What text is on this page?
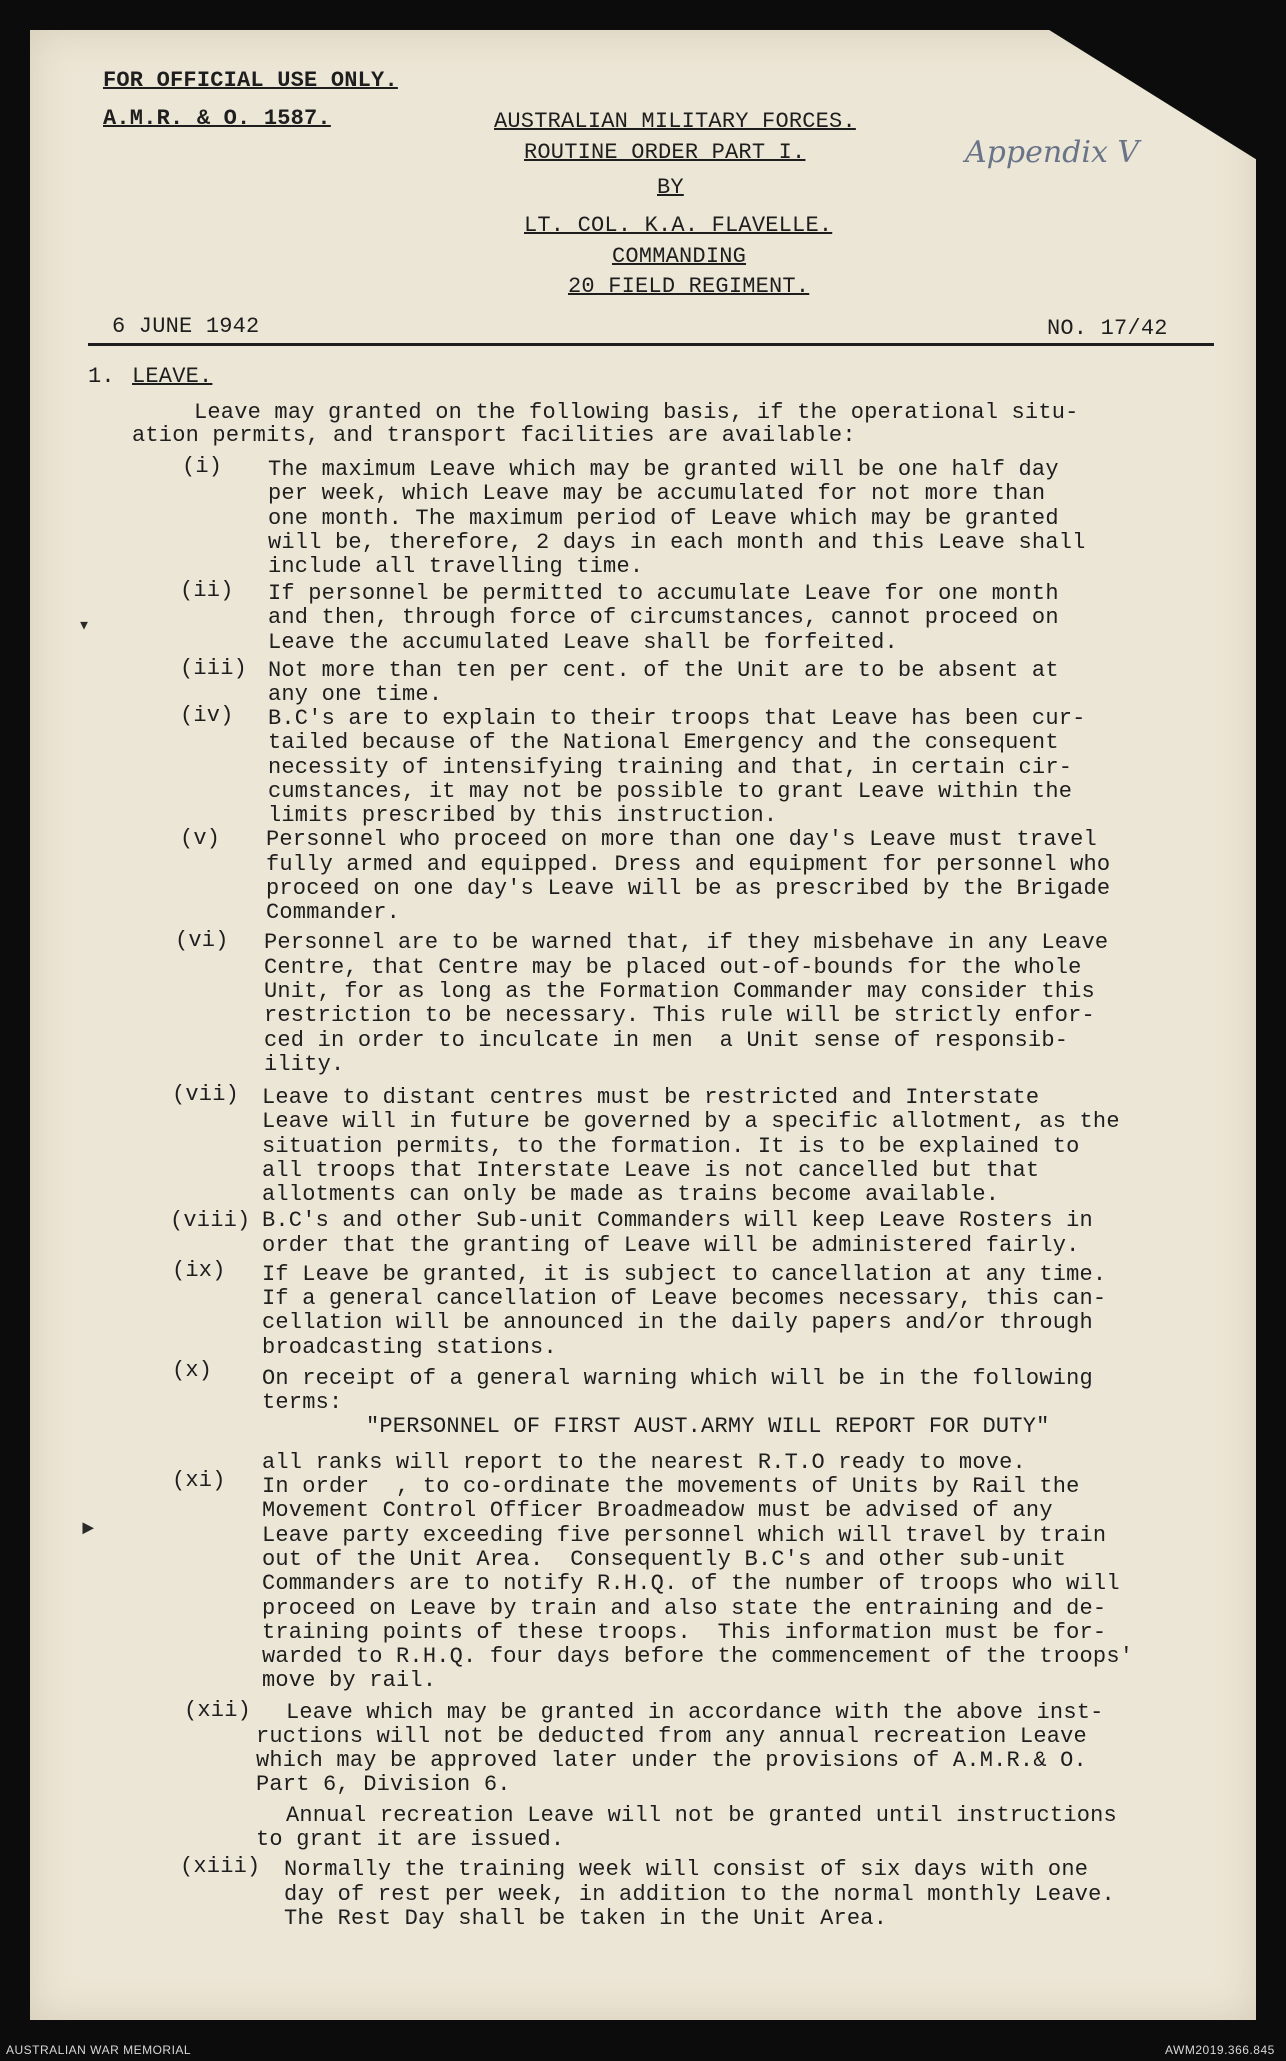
FOR OFFICIAL USE ONLY.
A.M.R. & O. 1587.	AUSTRALIAN MILITARY FORCES.
ROUTINE ORDER PART I.
BY
LT. COL. K.A. FLAVELLE.
COMMANDING
20 FIELD REGIMENT.
Appendix V
6 JUNE 1942	NO. 17/42
1. LEAVE.
Leave may granted on the following basis, if the operational situ-
ation permits, and transport facilities are available:
(i) The maximum Leave which may be granted will be one half day
per week, which Leave may be accumulated for not more than
one month. The maximum period of Leave which may be granted
will be, therefore, 2 days in each month and this Leave shall
include all travelling time.
(ii) If personnel be permitted to accumulate Leave for one month
and then, through force of circumstances, cannot proceed on
Leave the accumulated Leave shall be forfeited.
(iii) Not more than ten per cent. of the Unit are to be absent at
any one time.
(iv) B.C's are to explain to their troops that Leave has been cur-
tailed because of the National Emergency and the consequent
necessity of intensifying training and that, in certain cir-
cumstances, it may not be possible to grant Leave within the
limits prescribed by this instruction.
(v) Personnel who proceed on more than one day's Leave must travel
fully armed and equipped. Dress and equipment for personnel who
proceed on one day's Leave will be as prescribed by the Brigade
Commander.
(vi) Personnel are to be warned that, if they misbehave in any Leave
Centre, that Centre may be placed out-of-bounds for the whole
Unit, for as long as the Formation Commander may consider this
restriction to be necessary. This rule will be strictly enfor-
ced in order to inculcate in men  a Unit sense of responsib-
ility.
(vii) Leave to distant centres must be restricted and Interstate
Leave will in future be governed by a specific allotment, as the
situation permits, to the formation. It is to be explained to
all troops that Interstate Leave is not cancelled but that
allotments can only be made as trains become available.
(viii) B.C's and other Sub-unit Commanders will keep Leave Rosters in
order that the granting of Leave will be administered fairly.
(ix) If Leave be granted, it is subject to cancellation at any time.
If a general cancellation of Leave becomes necessary, this can-
cellation will be announced in the daily papers and/or through
broadcasting stations.
(x) On receipt of a general warning which will be in the following
terms:
"PERSONNEL OF FIRST AUST.ARMY WILL REPORT FOR DUTY"
all ranks will report to the nearest R.T.O ready to move.
(xi) In order  , to co-ordinate the movements of Units by Rail the
Movement Control Officer Broadmeadow must be advised of any
Leave party exceeding five personnel which will travel by train
out of the Unit Area.  Consequently B.C's and other sub-unit
Commanders are to notify R.H.Q. of the number of troops who will
proceed on Leave by train and also state the entraining and de-
training points of these troops.  This information must be for-
warded to R.H.Q. four days before the commencement of the troops'
move by rail.
(xii) Leave which may be granted in accordance with the above inst-
ructions will not be deducted from any annual recreation Leave
which may be approved later under the provisions of A.M.R.& O.
Part 6, Division 6.
Annual recreation Leave will not be granted until instructions
to grant it are issued.
(xiii) Normally the training week will consist of six days with one
day of rest per week, in addition to the normal monthly Leave.
The Rest Day shall be taken in the Unit Area.
▾
►
AUSTRALIAN WAR MEMORIAL	AWM2019.366.845
